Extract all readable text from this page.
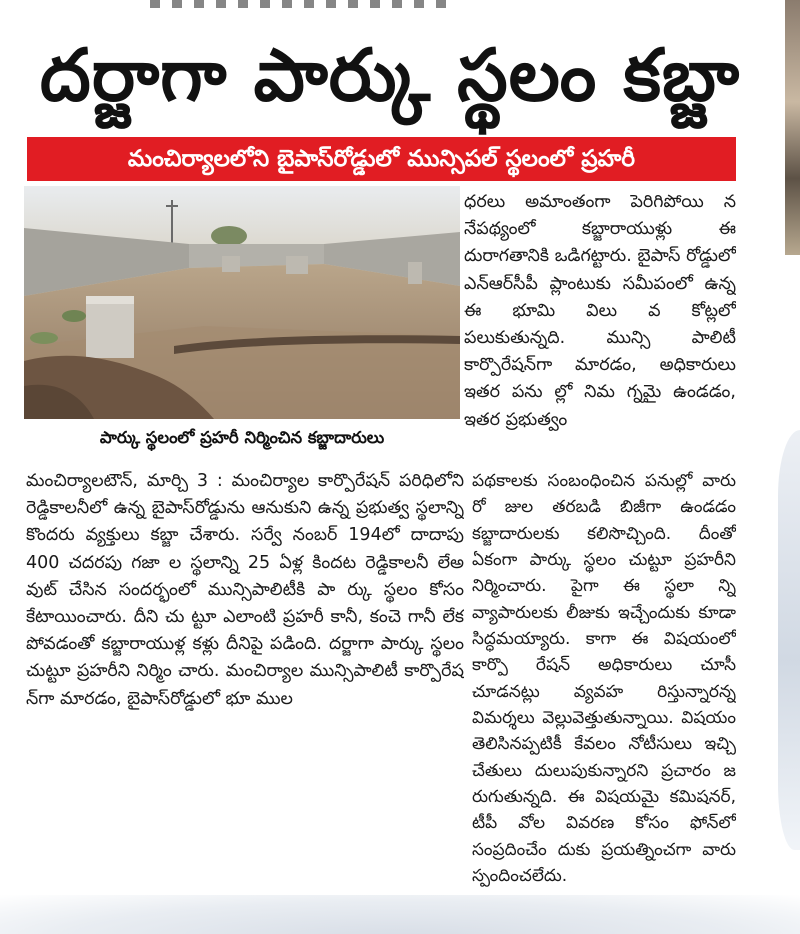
దర్జాగా పార్కు స్థలం కబ్జా
మంచిర్యాలలోని బైపాస్‌రోడ్డులో మున్సిపల్‌ స్థలంలో ప్రహరీ
పార్కు స్థలంలో ప్రహరీ నిర్మించిన కబ్జాదారులు

ధరలు అమాంతంగా పెరిగిపోయి న నేపథ్యంలో కబ్జారాయుళ్లు ఈ దురాగతానికి ఒడిగట్టారు. బైపాస్‌ రోడ్డులో ఎన్‌ఆర్‌సీపీ ప్లాంటుకు సమీపంలో ఉన్న ఈ భూమి విలు వ కోట్లలో పలుకుతున్నది. మున్సి పాలిటీ కార్పొరేషన్‌గా మారడం, అధికారులు ఇతర పను ల్లో నిమ గ్నమై ఉండడం, ఇతర ప్రభుత్వం

మంచిర్యాలటౌన్‌, మార్చి 3 : మంచిర్యాల కార్పొరేషన్‌ పరిధిలోని రెడ్డికాలనీలో ఉన్న బైపాస్‌రోడ్డును ఆనుకుని ఉన్న ప్రభుత్వ స్థలాన్ని కొందరు వ్యక్తులు కబ్జా చేశారు. సర్వే నంబర్‌ 194లో దాదాపు 400 చదరపు గజా ల స్థలాన్ని 25 ఏళ్ల కిందట రెడ్డికాలనీ లేఅ వుట్‌ చేసిన సందర్భంలో మున్సిపాలిటీకి పా ర్కు స్థలం కోసం కేటాయించారు. దీని చు ట్టూ ఎలాంటి ప్రహరీ కానీ, కంచె గానీ లేక పోవడంతో కబ్జారాయుళ్ల కళ్లు దీనిపై పడింది. దర్జాగా పార్కు స్థలం చుట్టూ ప్రహరీని నిర్మిం చారు. మంచిర్యాల మున్సిపాలిటీ కార్పొరేష న్‌గా మారడం, బైపాస్‌రోడ్డులో భూ ముల

పథకాలకు సంబంధించిన పనుల్లో వారు రో జుల తరబడి బిజీగా ఉండడం కబ్జాదారులకు కలిసొచ్చింది. దీంతో ఏకంగా పార్కు స్థలం చుట్టూ ప్రహరీని నిర్మించారు. పైగా ఈ స్థలా న్ని వ్యాపారులకు లీజుకు ఇచ్చేందుకు కూడా సిద్ధమయ్యారు. కాగా ఈ విషయంలో కార్పొ రేషన్‌ అధికారులు చూసీ చూడనట్లు వ్యవహ రిస్తున్నారన్న విమర్శలు వెల్లువెత్తుతున్నాయి. విషయం తెలిసినప్పటికీ కేవలం నోటీసులు ఇచ్చి చేతులు దులుపుకున్నారని ప్రచారం జ రుగుతున్నది. ఈ విషయమై కమిషనర్‌, టీపీ వోల వివరణ కోసం ఫోన్‌లో సంప్రదించేం దుకు ప్రయత్నించగా వారు స్పందించలేదు.
